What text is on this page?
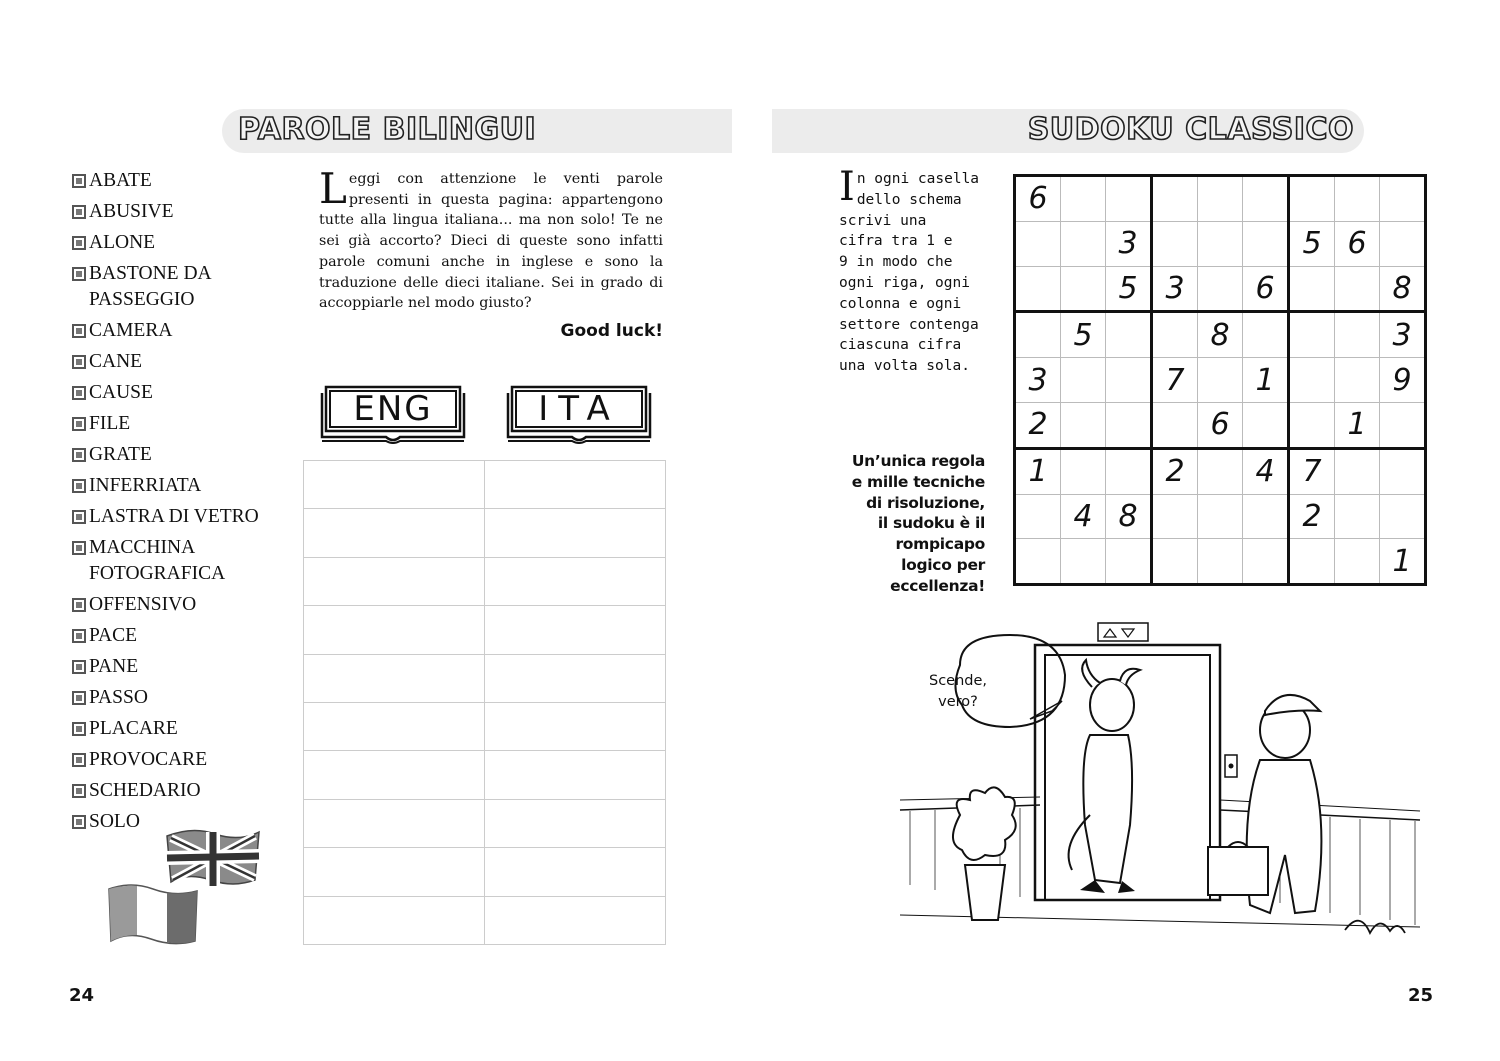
PAROLE BILINGUI
ABATE
ABUSIVE
ALONE
BASTONE DA PASSEGGIO
CAMERA
CANE
CAUSE
FILE
GRATE
INFERRIATA
LASTRA DI VETRO
MACCHINA FOTOGRAFICA
OFFENSIVO
PACE
PANE
PASSO
PLACARE
PROVOCARE
SCHEDARIO
SOLO
Leggi con attenzione le venti parole presenti in questa pagina: appartengono tutte alla lingua italiana... ma non solo! Te ne sei già accorto? Dieci di queste sono infatti parole comuni anche in inglese e sono la traduzione delle dieci italiane. Sei in grado di accoppiarle nel modo giusto?
Good luck!
ENG	ITA

24
SUDOKU CLASSICO
I n ogni casella
dello schema
scrivi una
cifra tra 1 e
9 in modo che
ogni riga, ogni
colonna e ogni
settore contenga
ciascuna cifra
una volta sola.
Un’unica regola
e mille tecniche
di risoluzione,
il sudoku è il
rompicapo
logico per
eccellenza!
6								
		3				5	6	
		5	3		6			8
	5			8				3
3			7		1			9
2				6			1	
1			2		4	7		
	4	8				2		
								1
Scende,
vero?
25
